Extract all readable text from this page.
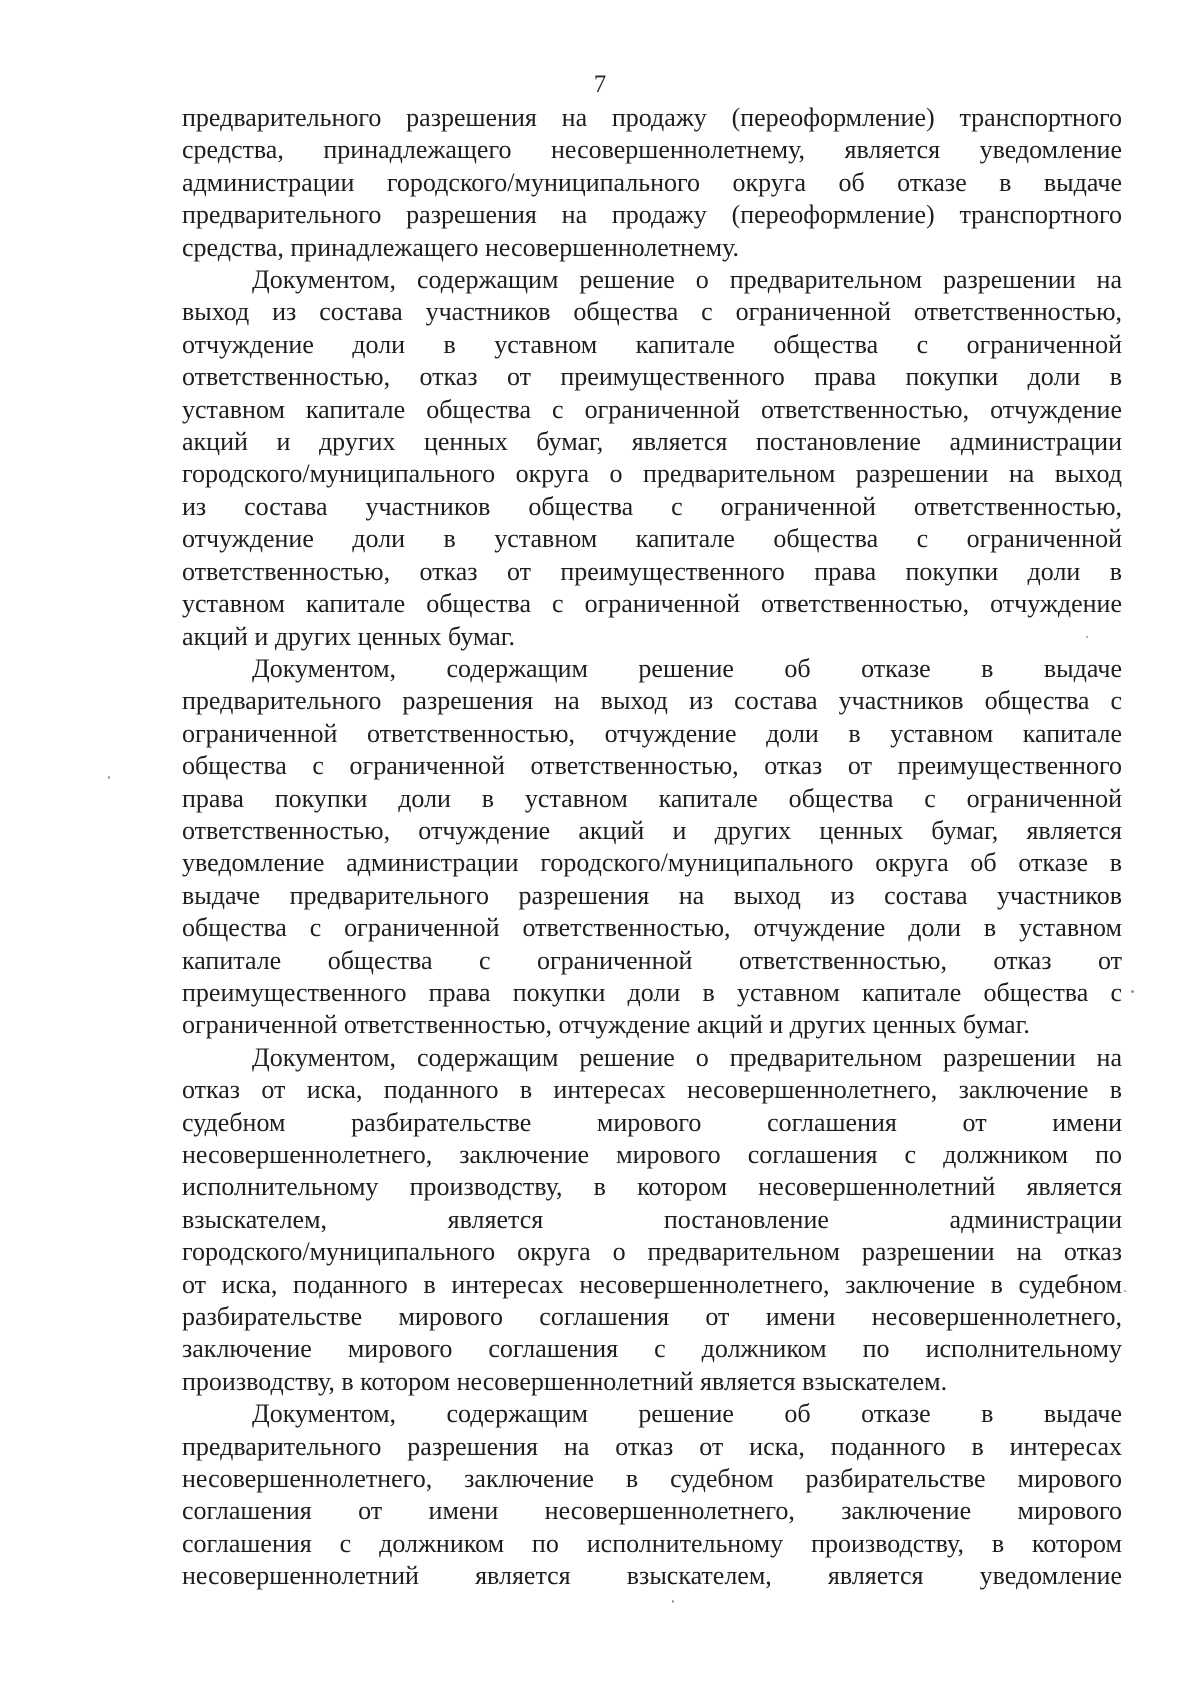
7
предварительного разрешения на продажу (переоформление) транспортного
средства, принадлежащего несовершеннолетнему, является уведомление
администрации городского/муниципального округа об отказе в выдаче
предварительного разрешения на продажу (переоформление) транспортного
средства, принадлежащего несовершеннолетнему.
Документом, содержащим решение о предварительном разрешении на
выход из состава участников общества с ограниченной ответственностью,
отчуждение доли в уставном капитале общества с ограниченной
ответственностью, отказ от преимущественного права покупки доли в
уставном капитале общества с ограниченной ответственностью, отчуждение
акций и других ценных бумаг, является постановление администрации
городского/муниципального округа о предварительном разрешении на выход
из состава участников общества с ограниченной ответственностью,
отчуждение доли в уставном капитале общества с ограниченной
ответственностью, отказ от преимущественного права покупки доли в
уставном капитале общества с ограниченной ответственностью, отчуждение
акций и других ценных бумаг.
Документом, содержащим решение об отказе в выдаче
предварительного разрешения на выход из состава участников общества с
ограниченной ответственностью, отчуждение доли в уставном капитале
общества с ограниченной ответственностью, отказ от преимущественного
права покупки доли в уставном капитале общества с ограниченной
ответственностью, отчуждение акций и других ценных бумаг, является
уведомление администрации городского/муниципального округа об отказе в
выдаче предварительного разрешения на выход из состава участников
общества с ограниченной ответственностью, отчуждение доли в уставном
капитале общества с ограниченной ответственностью, отказ от
преимущественного права покупки доли в уставном капитале общества с
ограниченной ответственностью, отчуждение акций и других ценных бумаг.
Документом, содержащим решение о предварительном разрешении на
отказ от иска, поданного в интересах несовершеннолетнего, заключение в
судебном разбирательстве мирового соглашения от имени
несовершеннолетнего, заключение мирового соглашения с должником по
исполнительному производству, в котором несовершеннолетний является
взыскателем, является постановление администрации
городского/муниципального округа о предварительном разрешении на отказ
от иска, поданного в интересах несовершеннолетнего, заключение в судебном
разбирательстве мирового соглашения от имени несовершеннолетнего,
заключение мирового соглашения с должником по исполнительному
производству, в котором несовершеннолетний является взыскателем.
Документом, содержащим решение об отказе в выдаче
предварительного разрешения на отказ от иска, поданного в интересах
несовершеннолетнего, заключение в судебном разбирательстве мирового
соглашения от имени несовершеннолетнего, заключение мирового
соглашения с должником по исполнительному производству, в котором
несовершеннолетний является взыскателем, является уведомление
